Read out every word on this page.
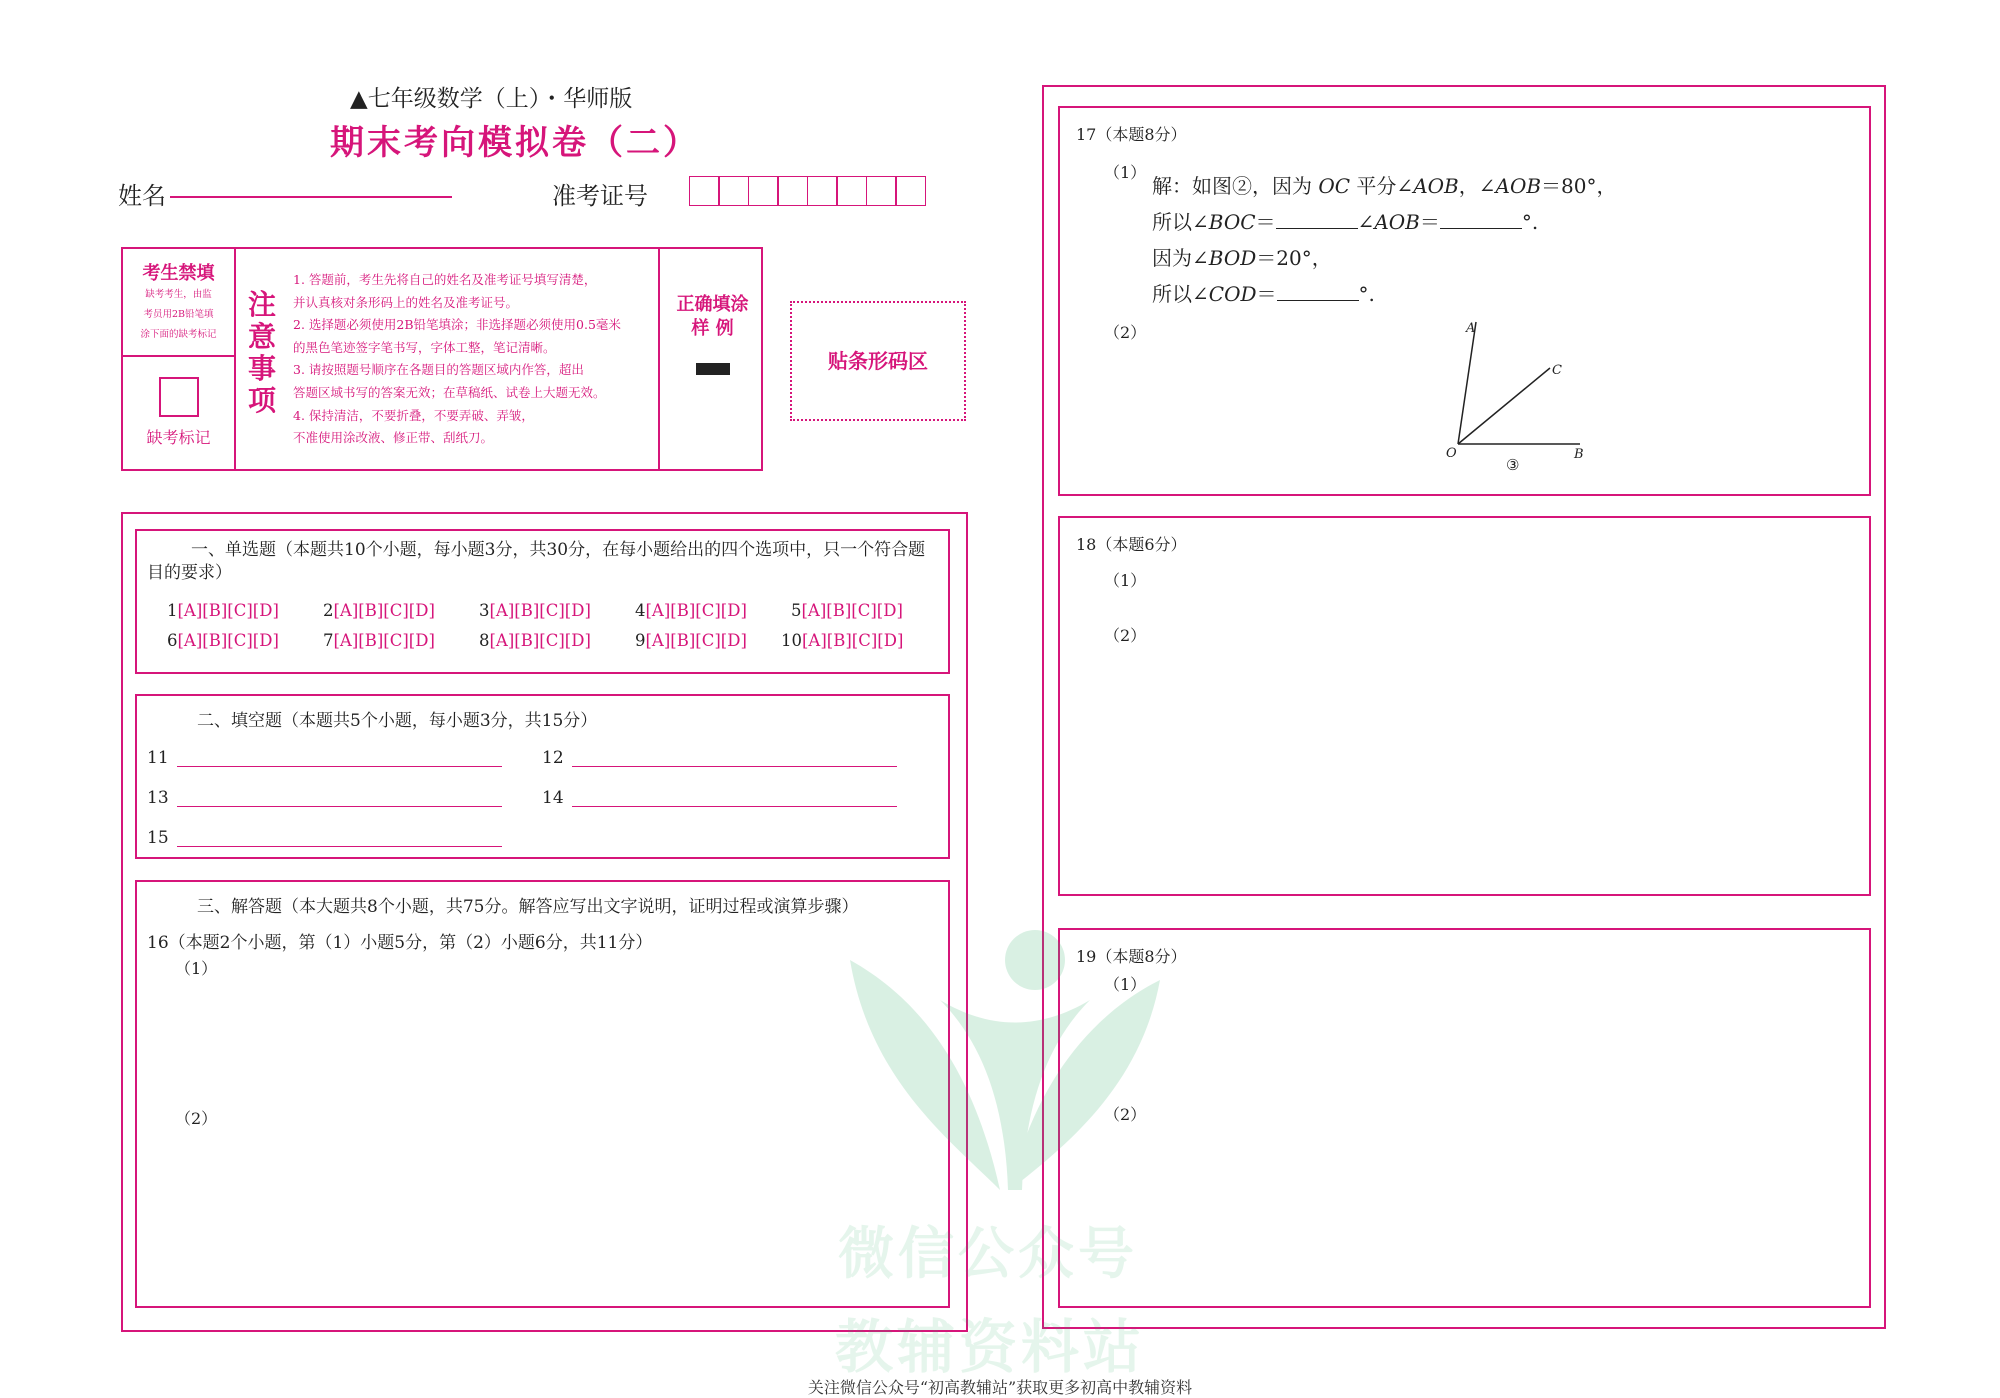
▲七年级数学（上）・华师版
期末考向模拟卷（二）
姓名	准考证号
考生禁填
缺考考生，由监
考员用2B铅笔填
涂下面的缺考标记
缺考标记
注
意
事
项
1. 答题前，考生先将自己的姓名及准考证号填写清楚，
并认真核对条形码上的姓名及准考证号。
2. 选择题必须使用2B铅笔填涂；非选择题必须使用0.5毫米
的黑色笔迹签字笔书写，字体工整，笔记清晰。
3. 请按照题号顺序在各题目的答题区域内作答，超出
答题区域书写的答案无效；在草稿纸、试卷上大题无效。
4. 保持清洁，不要折叠，不要弄破、弄皱，
不准使用涂改液、修正带、刮纸刀。
正确填涂
样 例
贴条形码区
一、单选题（本题共10个小题，每小题3分，共30分，在每小题给出的四个选项中，只一个符合题目的要求）
1[A][B][C][D]	2[A][B][C][D]	3[A][B][C][D]	4[A][B][C][D]	5[A][B][C][D]
6[A][B][C][D]	7[A][B][C][D]	8[A][B][C][D]	9[A][B][C][D] 10[A][B][C][D]
二、填空题（本题共5个小题，每小题3分，共15分）
11	12
13	14
15
三、解答题（本大题共8个小题，共75分。解答应写出文字说明，证明过程或演算步骤）
16（本题2个小题，第（1）小题5分，第（2）小题6分，共11分）
（1）
（2）
17（本题8分）
（1）
解：如图②，因为 OC 平分∠AOB，∠AOB＝80°，
所以∠BOC＝	∠AOB＝	°.
因为∠BOD＝20°，
所以∠COD＝	°.
（2）	A
C
O	B
③
18（本题6分）
（1）
（2）
19（本题8分）
（1）
（2）
微信公众号
教辅资料站
关注微信公众号“初高教辅站”获取更多初高中教辅资料
